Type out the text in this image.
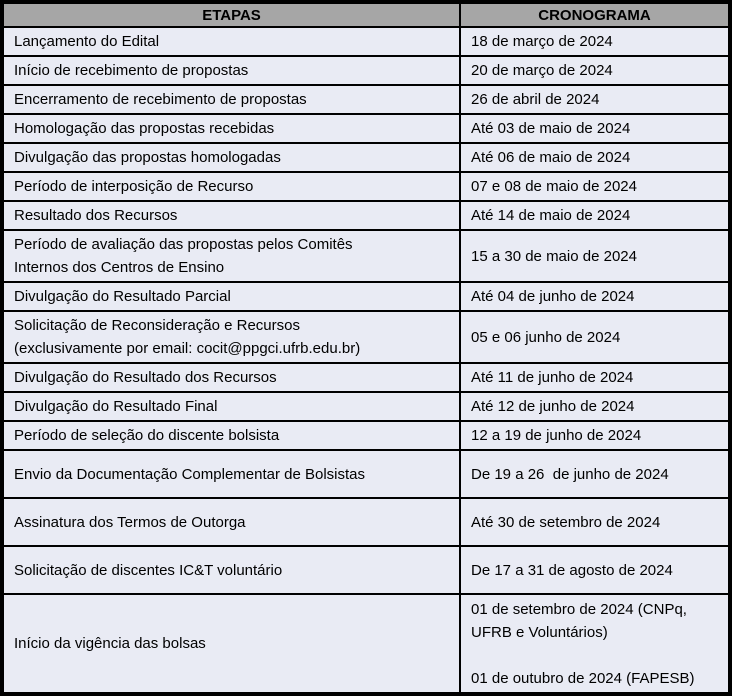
ETAPAS	CRONOGRAMA

Lançamento do Edital	18 de março de 2024

Início de recebimento de propostas	20 de março de 2024

Encerramento de recebimento de propostas	26 de abril de 2024

Homologação das propostas recebidas	Até 03 de maio de 2024

Divulgação das propostas homologadas	Até 06 de maio de 2024

Período de interposição de Recurso	07 e 08 de maio de 2024

Resultado dos Recursos	Até 14 de maio de 2024

Período de avaliação das propostas pelos Comitês
Internos dos Centros de Ensino	15 a 30 de maio de 2024

Divulgação do Resultado Parcial	Até 04 de junho de 2024

Solicitação de Reconsideração e Recursos
(exclusivamente por email: cocit@ppgci.ufrb.edu.br)	05 e 06 junho de 2024

Divulgação do Resultado dos Recursos	Até 11 de junho de 2024

Divulgação do Resultado Final	Até 12 de junho de 2024

Período de seleção do discente bolsista	12 a 19 de junho de 2024

Envio da Documentação Complementar de Bolsistas	De 19 a 26  de junho de 2024

Assinatura dos Termos de Outorga	Até 30 de setembro de 2024

Solicitação de discentes IC&T voluntário	De 17 a 31 de agosto de 2024

Início da vigência das bolsas	01 de setembro de 2024 (CNPq,
UFRB e Voluntários)
01 de outubro de 2024 (FAPESB)
